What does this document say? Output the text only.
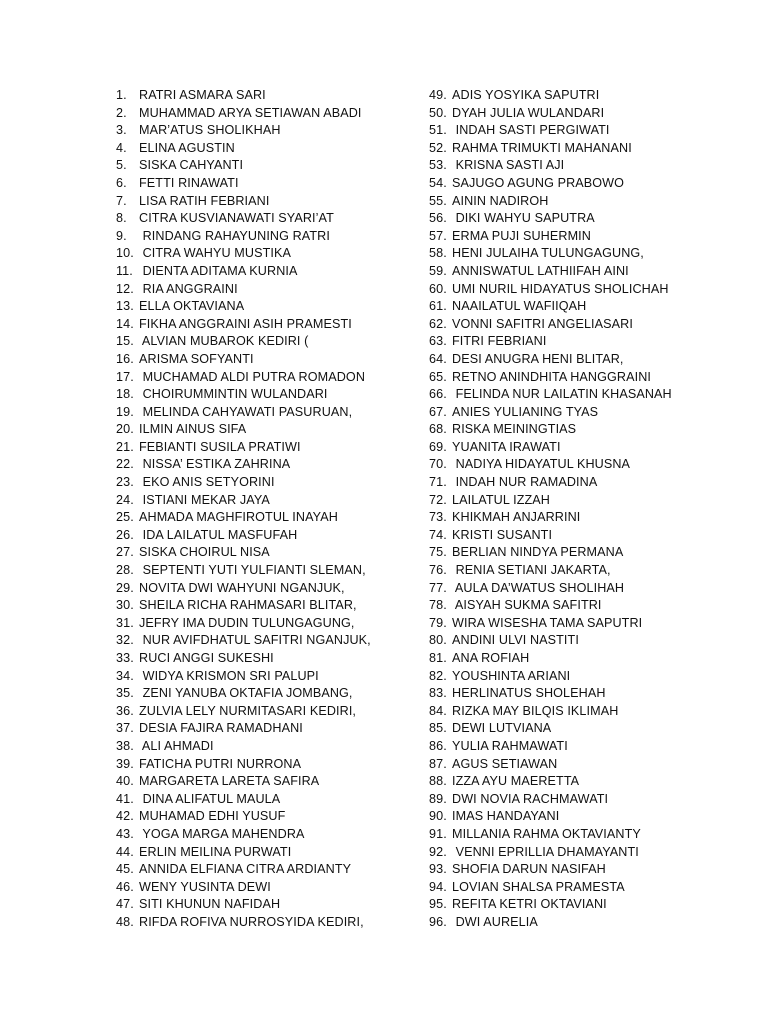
1. RATRI ASMARA SARI
2. MUHAMMAD ARYA SETIAWAN ABADI
3. MAR’ATUS SHOLIKHAH
4. ELINA AGUSTIN
5. SISKA CAHYANTI
6. FETTI RINAWATI
7. LISA RATIH FEBRIANI
8. CITRA KUSVIANAWATI SYARI’AT
9. RINDANG RAHAYUNING RATRI
10. CITRA WAHYU MUSTIKA
11. DIENTA ADITAMA KURNIA
12. RIA ANGGRAINI
13. ELLA OKTAVIANA
14. FIKHA ANGGRAINI ASIH PRAMESTI
15. ALVIAN MUBAROK KEDIRI (
16. ARISMA SOFYANTI
17. MUCHAMAD ALDI PUTRA ROMADON
18. CHOIRUMMINTIN WULANDARI
19. MELINDA CAHYAWATI PASURUAN,
20. ILMIN AINUS SIFA
21. FEBIANTI SUSILA PRATIWI
22. NISSA’ ESTIKA ZAHRINA
23. EKO ANIS SETYORINI
24. ISTIANI MEKAR JAYA
25. AHMADA MAGHFIROTUL INAYAH
26. IDA LAILATUL MASFUFAH
27. SISKA CHOIRUL NISA
28. SEPTENTI YUTI YULFIANTI SLEMAN,
29. NOVITA DWI WAHYUNI NGANJUK,
30. SHEILA RICHA RAHMASARI BLITAR,
31. JEFRY IMA DUDIN TULUNGAGUNG,
32. NUR AVIFDHATUL SAFITRI NGANJUK,
33. RUCI ANGGI SUKESHI
34. WIDYA KRISMON SRI PALUPI
35. ZENI YANUBA OKTAFIA JOMBANG,
36. ZULVIA LELY NURMITASARI KEDIRI,
37. DESIA FAJIRA RAMADHANI
38. ALI AHMADI
39. FATICHA PUTRI NURRONA
40. MARGARETA LARETA SAFIRA
41. DINA ALIFATUL MAULA
42. MUHAMAD EDHI YUSUF
43. YOGA MARGA MAHENDRA
44. ERLIN MEILINA PURWATI
45. ANNIDA ELFIANA CITRA ARDIANTY
46. WENY YUSINTA DEWI
47. SITI KHUNUN NAFIDAH
48. RIFDA ROFIVA NURROSYIDA KEDIRI,
49. ADIS YOSYIKA SAPUTRI
50. DYAH JULIA WULANDARI
51. INDAH SASTI PERGIWATI
52. RAHMA TRIMUKTI MAHANANI
53. KRISNA SASTI AJI
54. SAJUGO AGUNG PRABOWO
55. AININ NADIROH
56. DIKI WAHYU SAPUTRA
57. ERMA PUJI SUHERMIN
58. HENI JULAIHA TULUNGAGUNG,
59. ANNISWATUL LATHIIFAH AINI
60. UMI NURIL HIDAYATUS SHOLICHAH
61. NAAILATUL WAFIIQAH
62. VONNI SAFITRI ANGELIASARI
63. FITRI FEBRIANI
64. DESI ANUGRA HENI BLITAR,
65. RETNO ANINDHITA HANGGRAINI
66. FELINDA NUR LAILATIN KHASANAH
67. ANIES YULIANING TYAS
68. RISKA MEININGTIAS
69. YUANITA IRAWATI
70. NADIYA HIDAYATUL KHUSNA
71. INDAH NUR RAMADINA
72. LAILATUL IZZAH
73. KHIKMAH ANJARRINI
74. KRISTI SUSANTI
75. BERLIAN NINDYA PERMANA
76. RENIA SETIANI JAKARTA,
77. AULA DA’WATUS SHOLIHAH
78. AISYAH SUKMA SAFITRI
79. WIRA WISESHA TAMA SAPUTRI
80. ANDINI ULVI NASTITI
81. ANA ROFIAH
82. YOUSHINTA ARIANI
83. HERLINATUS SHOLEHAH
84. RIZKA MAY BILQIS IKLIMAH
85. DEWI LUTVIANA
86. YULIA RAHMAWATI
87. AGUS SETIAWAN
88. IZZA AYU MAERETTA
89. DWI NOVIA RACHMAWATI
90. IMAS HANDAYANI
91. MILLANIA RAHMA OKTAVIANTY
92. VENNI EPRILLIA DHAMAYANTI
93. SHOFIA DARUN NASIFAH
94. LOVIAN SHALSA PRAMESTA
95. REFITA KETRI OKTAVIANI
96. DWI AURELIA
